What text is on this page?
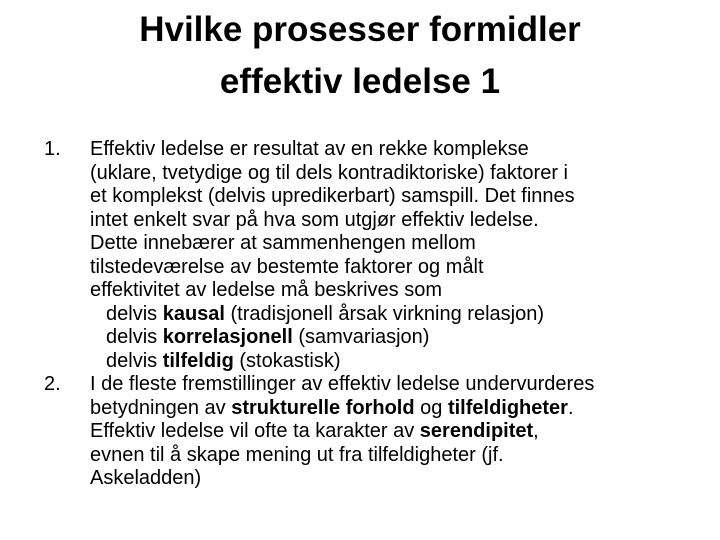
Hvilke prosesser formidler
effektiv ledelse 1
1. Effektiv ledelse er resultat av en rekke komplekse
(uklare, tvetydige og til dels kontradiktoriske) faktorer i
et komplekst (delvis upredikerbart) samspill. Det finnes
intet enkelt svar på hva som utgjør effektiv ledelse.
Dette innebærer at sammenhengen mellom
tilstedeværelse av bestemte faktorer og målt
effektivitet av ledelse må beskrives som
delvis kausal (tradisjonell årsak virkning relasjon)
delvis korrelasjonell (samvariasjon)
delvis tilfeldig (stokastisk)
2. I de fleste fremstillinger av effektiv ledelse undervurderes
betydningen av strukturelle forhold og tilfeldigheter.
Effektiv ledelse vil ofte ta karakter av serendipitet,
evnen til å skape mening ut fra tilfeldigheter (jf.
Askeladden)
